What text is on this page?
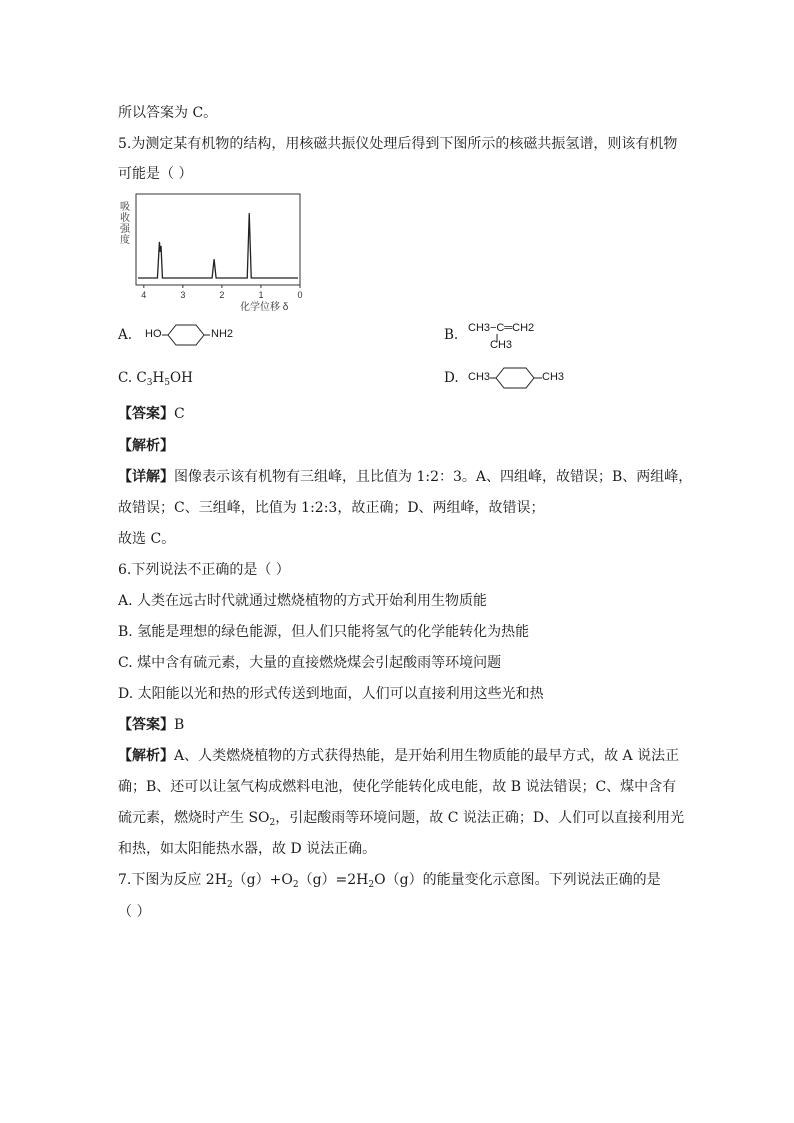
所以答案为 C。
5.为测定某有机物的结构，用核磁共振仪处理后得到下图所示的核磁共振氢谱，则该有机物
可能是（ ）
吸
收
强
度
4	3	2	1	0
化学位移 δ
A. HO	NH2	B. CH3−C═CH2
CH3
C. $C_3H_5OH$	D. CH3	CH3
【答案】C
【解析】
【详解】图像表示该有机物有三组峰，且比值为 1:2：3。A、四组峰，故错误；B、两组峰，
故错误；C、三组峰，比值为 1:2:3，故正确；D、两组峰，故错误；
故选 C。
6.下列说法不正确的是（ ）
A. 人类在远古时代就通过燃烧植物的方式开始利用生物质能
B. 氢能是理想的绿色能源，但人们只能将氢气的化学能转化为热能
C. 煤中含有硫元素，大量的直接燃烧煤会引起酸雨等环境问题
D. 太阳能以光和热的形式传送到地面，人们可以直接利用这些光和热
【答案】B
【解析】A、人类燃烧植物的方式获得热能，是开始利用生物质能的最早方式，故 A 说法正
确；B、还可以让氢气构成燃料电池，使化学能转化成电能，故 B 说法错误；C、煤中含有
硫元素，燃烧时产生 $SO_2$，引起酸雨等环境问题，故 C 说法正确；D、人们可以直接利用光
和热，如太阳能热水器，故 D 说法正确。
7.下图为反应 $2H_2(g)+O_2(g)=2H_2O(g)$的能量变化示意图。下列说法正确的是
（ ）
